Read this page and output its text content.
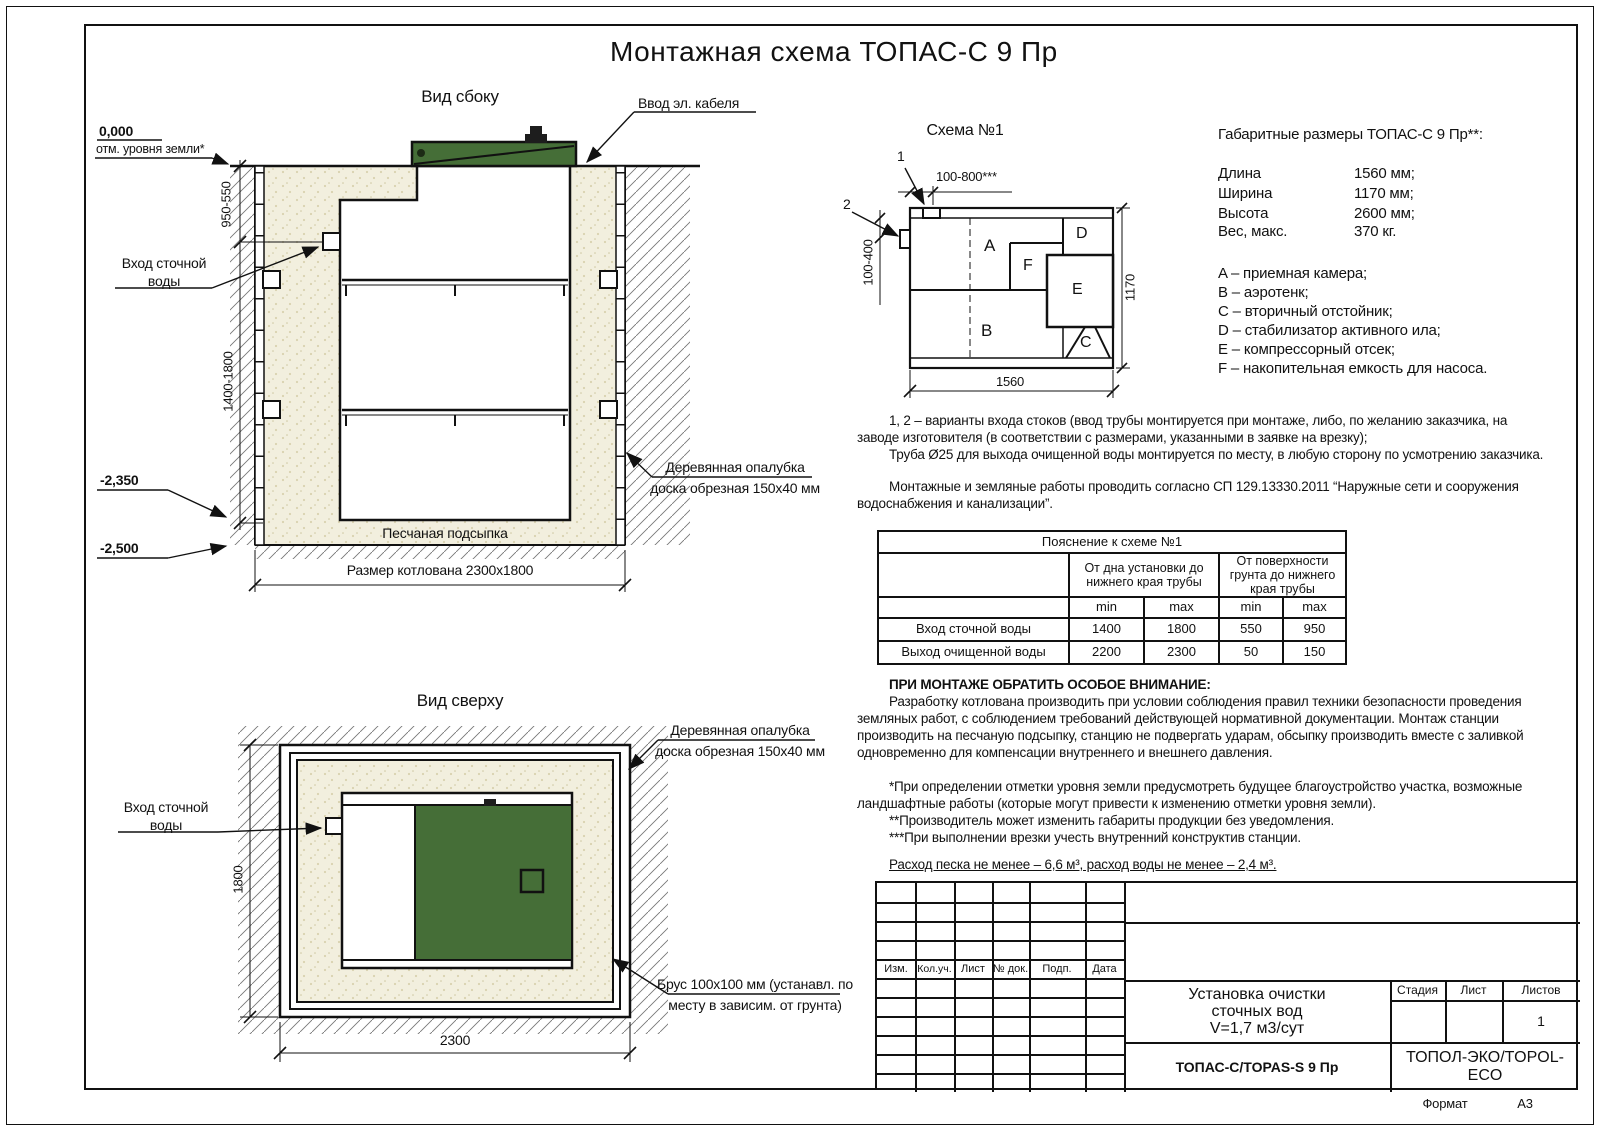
Монтажная схема ТОПАС-С 9 Пр
Вид сбоку
0,000
отм. уровня земли*
950-550
1400-1800
Вход сточной
воды
Ввод эл. кабеля
-2,350
-2,500
Песчаная подсыпка
Размер котлована 2300x1800
Деревянная опалубка
доска обрезная 150x40 мм
Вид сверху
Вход сточной
воды
Деревянная опалубка
доска обрезная 150x40 мм
Брус 100x100 мм (устанавл. по
месту в зависим. от грунта)
1800
2300
Схема №1
1
2
100-800***
100-400
1560
1170
A
B
C
D
E
F
Габаритные размеры ТОПАС-С 9 Пр**:
Длина	1560 мм;
Ширина	1170 мм;
Высота	2600 мм;
Вес, макс.	370 кг.
A – приемная камера;
B – аэротенк;
C – вторичный отстойник;
D – стабилизатор активного ила;
E – компрессорный отсек;
F – накопительная емкость для насоса.

1, 2 – варианты входа стоков (ввод трубы монтируется при монтаже, либо, по желанию заказчика, на заводе изготовителя (в соответствии с размерами, указанными в заявке на врезку);

Труба Ø25 для выхода очищенной воды монтируется по месту, в любую сторону по усмотрению заказчика.

Монтажные и земляные работы проводить согласно СП 129.13330.2011 “Наружные сети и сооружения водоснабжения и канализации”.

Пояснение к схеме №1				
	От дна установки до нижнего края трубы		От поверхности грунта до нижнего края трубы	
	min	max	min	max
Вход сточной воды	1400	1800	550	950
Выход очищенной воды	2200	2300	50	150

ПРИ МОНТАЖЕ ОБРАТИТЬ ОСОБОЕ ВНИМАНИЕ:

Разработку котлована производить при условии соблюдения правил техники безопасности проведения земляных работ, с соблюдением требований действующей нормативной документации. Монтаж станции производить на песчаную подсыпку, станцию не подвергать ударам, обсыпку производить вместе с заливкой одновременно для компенсации внутреннего и внешнего давления.

*При определении отметки уровня земли предусмотреть будущее благоустройство участка, возможные ландшафтные работы (которые могут привести к изменению отметки уровня земли).

**Производитель может изменить габариты продукции без уведомления.

***При выполнении врезки учесть внутренний конструктив станции.

Расход песка не менее – 6,6 м³, расход воды не менее – 2,4 м³.
Изм. Кол.уч. Лист № док.	Подп.	Дата
Установка очистки
сточных вод
V=1,7 м3/сут
Стадия	Лист	Листов
1
ТОПАС-С/TOPAS-S 9 Пр
ТОПОЛ-ЭКО/TOPOL-ECO
Формат	А3
